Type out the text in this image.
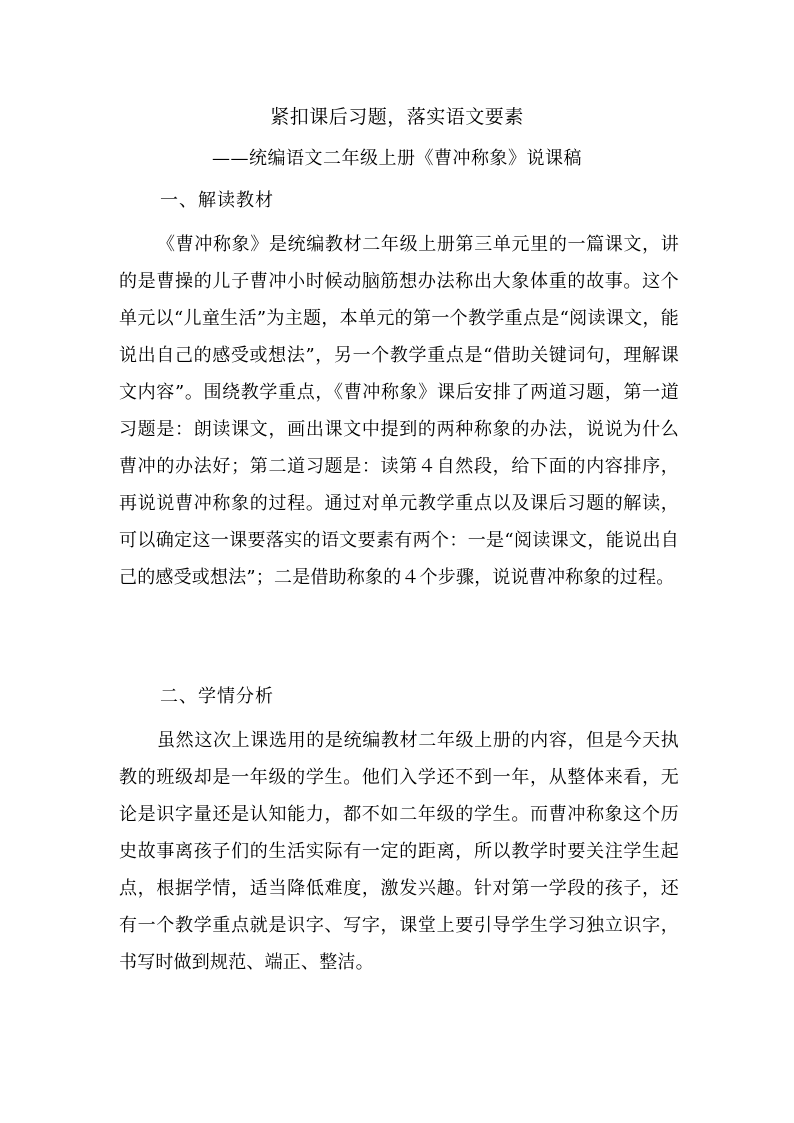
紧扣课后习题，落实语文要素
——统编语文二年级上册《曹冲称象》说课稿
一、解读教材
《曹冲称象》是统编教材二年级上册第三单元里的一篇课文，讲的是曹操的儿子曹冲小时候动脑筋想办法称出大象体重的故事。这个单元以“儿童生活”为主题，本单元的第一个教学重点是“阅读课文，能说出自己的感受或想法”，另一个教学重点是“借助关键词句，理解课文内容”。围绕教学重点，《曹冲称象》课后安排了两道习题，第一道习题是：朗读课文，画出课文中提到的两种称象的办法，说说为什么曹冲的办法好；第二道习题是：读第４自然段，给下面的内容排序，再说说曹冲称象的过程。通过对单元教学重点以及课后习题的解读，可以确定这一课要落实的语文要素有两个：一是“阅读课文，能说出自己的感受或想法”；二是借助称象的４个步骤，说说曹冲称象的过程。
二、学情分析
虽然这次上课选用的是统编教材二年级上册的内容，但是今天执教的班级却是一年级的学生。他们入学还不到一年，从整体来看，无论是识字量还是认知能力，都不如二年级的学生。而曹冲称象这个历史故事离孩子们的生活实际有一定的距离，所以教学时要关注学生起点，根据学情，适当降低难度，激发兴趣。针对第一学段的孩子，还有一个教学重点就是识字、写字，课堂上要引导学生学习独立识字，书写时做到规范、端正、整洁。
